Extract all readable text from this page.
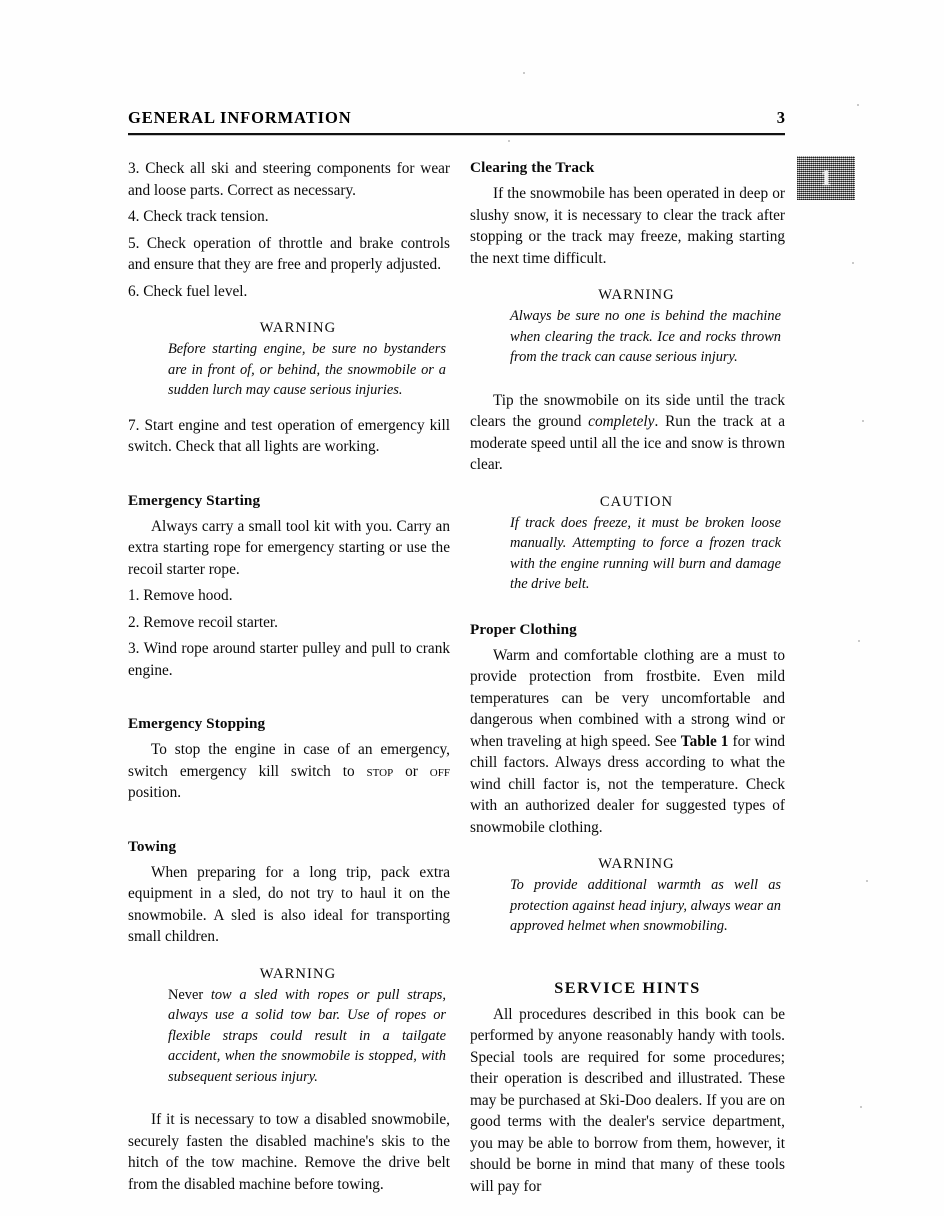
GENERAL INFORMATION	3
1

3. Check all ski and steering components for wear and loose parts. Correct as necessary.

4. Check track tension.

5. Check operation of throttle and brake controls and ensure that they are free and properly adjusted.

6. Check fuel level.

WARNING

Before starting engine, be sure no bystanders are in front of, or behind, the snowmobile or a sudden lurch may cause serious injuries.

7. Start engine and test operation of emergency kill switch. Check that all lights are working.

Emergency Starting

Always carry a small tool kit with you. Carry an extra starting rope for emergency starting or use the recoil starter rope.

1. Remove hood.

2. Remove recoil starter.

3. Wind rope around starter pulley and pull to crank engine.

Emergency Stopping

To stop the engine in case of an emergency, switch emergency kill switch to stop or off position.

Towing

When preparing for a long trip, pack extra equipment in a sled, do not try to haul it on the snowmobile. A sled is also ideal for transporting small children.

WARNING

Never tow a sled with ropes or pull straps, always use a solid tow bar. Use of ropes or flexible straps could result in a tailgate accident, when the snowmobile is stopped, with subsequent serious injury.

If it is necessary to tow a disabled snowmobile, securely fasten the disabled machine's skis to the hitch of the tow machine. Remove the drive belt from the disabled machine before towing.

Clearing the Track

If the snowmobile has been operated in deep or slushy snow, it is necessary to clear the track after stopping or the track may freeze, making starting the next time difficult.

WARNING

Always be sure no one is behind the machine when clearing the track. Ice and rocks thrown from the track can cause serious injury.

Tip the snowmobile on its side until the track clears the ground completely. Run the track at a moderate speed until all the ice and snow is thrown clear.

CAUTION

If track does freeze, it must be broken loose manually. Attempting to force a frozen track with the engine running will burn and damage the drive belt.

Proper Clothing

Warm and comfortable clothing are a must to provide protection from frostbite. Even mild temperatures can be very uncomfortable and dangerous when combined with a strong wind or when traveling at high speed. See Table 1 for wind chill factors. Always dress according to what the wind chill factor is, not the temperature. Check with an authorized dealer for suggested types of snowmobile clothing.

WARNING

To provide additional warmth as well as protection against head injury, always wear an approved helmet when snowmobiling.

SERVICE HINTS

All procedures described in this book can be performed by anyone reasonably handy with tools. Special tools are required for some procedures; their operation is described and illustrated. These may be purchased at Ski-Doo dealers. If you are on good terms with the dealer's service department, you may be able to borrow from them, however, it should be borne in mind that many of these tools will pay for
